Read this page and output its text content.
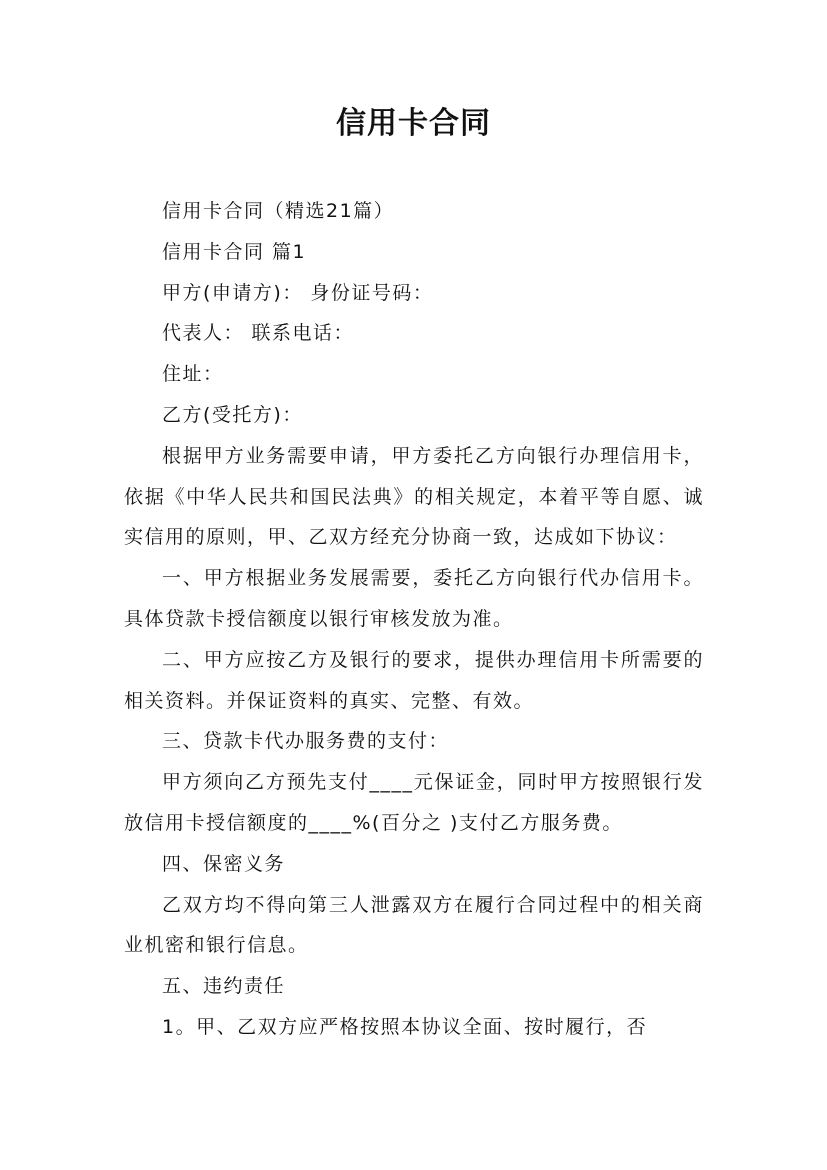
信用卡合同

信用卡合同（精选21篇）

信用卡合同 篇1

甲方(申请方)： 身份证号码：

代表人： 联系电话：

住址：

乙方(受托方)：

根据甲方业务需要申请，甲方委托乙方向银行办理信用卡，依据《中华人民共和国民法典》的相关规定，本着平等自愿、诚实信用的原则，甲、乙双方经充分协商一致，达成如下协议：

一、甲方根据业务发展需要，委托乙方向银行代办信用卡。具体贷款卡授信额度以银行审核发放为准。

二、甲方应按乙方及银行的要求，提供办理信用卡所需要的相关资料。并保证资料的真实、完整、有效。

三、贷款卡代办服务费的支付：

甲方须向乙方预先支付____元保证金，同时甲方按照银行发放信用卡授信额度的____%(百分之 )支付乙方服务费。

四、保密义务

乙双方均不得向第三人泄露双方在履行合同过程中的相关商业机密和银行信息。

五、违约责任

1。甲、乙双方应严格按照本协议全面、按时履行，否
